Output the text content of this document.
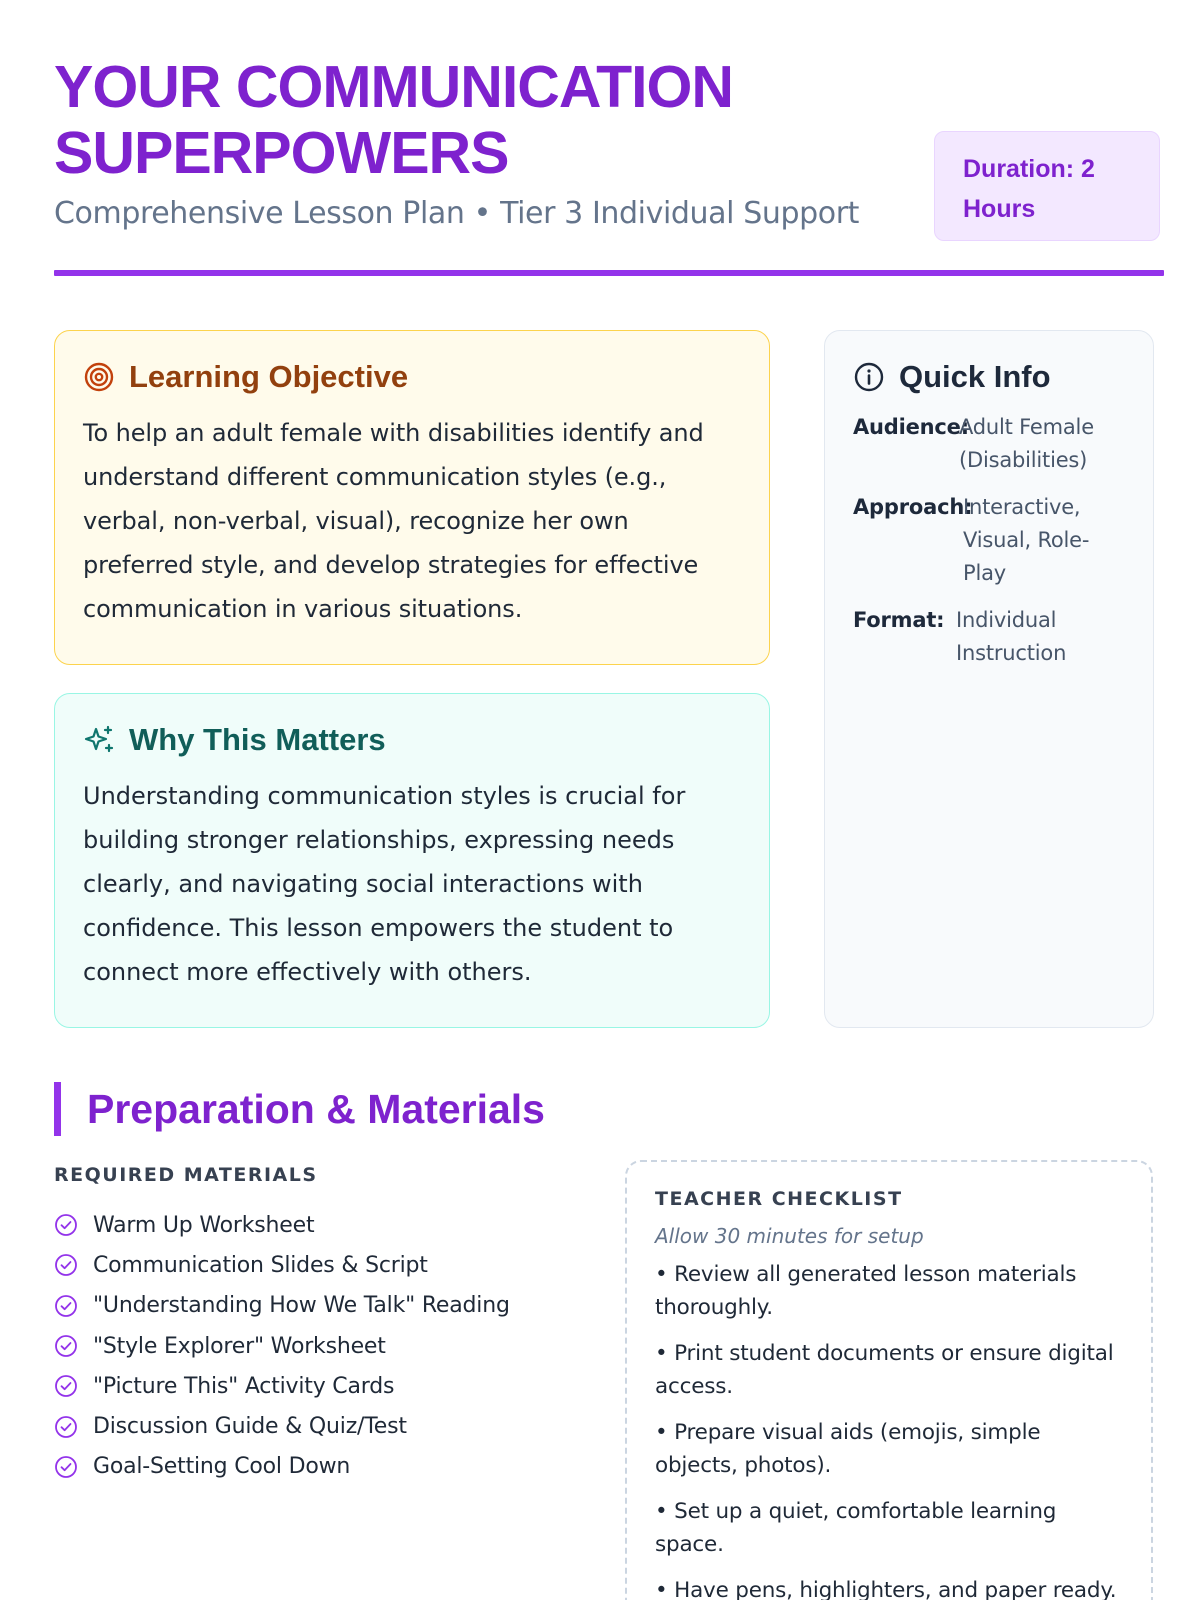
YOUR COMMUNICATION SUPERPOWERS
Comprehensive Lesson Plan • Tier 3 Individual Support
Duration: 2 Hours
Learning Objective

To help an adult female with disabilities identify and understand different communication styles (e.g., verbal, non-verbal, visual), recognize her own preferred style, and develop strategies for effective communication in various situations.

Why This Matters

Understanding communication styles is crucial for building stronger relationships, expressing needs clearly, and navigating social interactions with confidence. This lesson empowers the student to connect more effectively with others.

Quick Info
Audience:
Adult Female (Disabilities)
Approach:
Interactive, Visual, Role-Play
Format: Individual Instruction
Preparation & Materials
REQUIRED MATERIALS
Warm Up Worksheet
Communication Slides & Script
"Understanding How We Talk" Reading
"Style Explorer" Worksheet
"Picture This" Activity Cards
Discussion Guide & Quiz/Test
Goal-Setting Cool Down
TEACHER CHECKLIST
Allow 30 minutes for setup
• Review all generated lesson materials thoroughly.
• Print student documents or ensure digital access.
• Prepare visual aids (emojis, simple objects, photos).
• Set up a quiet, comfortable learning space.
• Have pens, highlighters, and paper ready.
